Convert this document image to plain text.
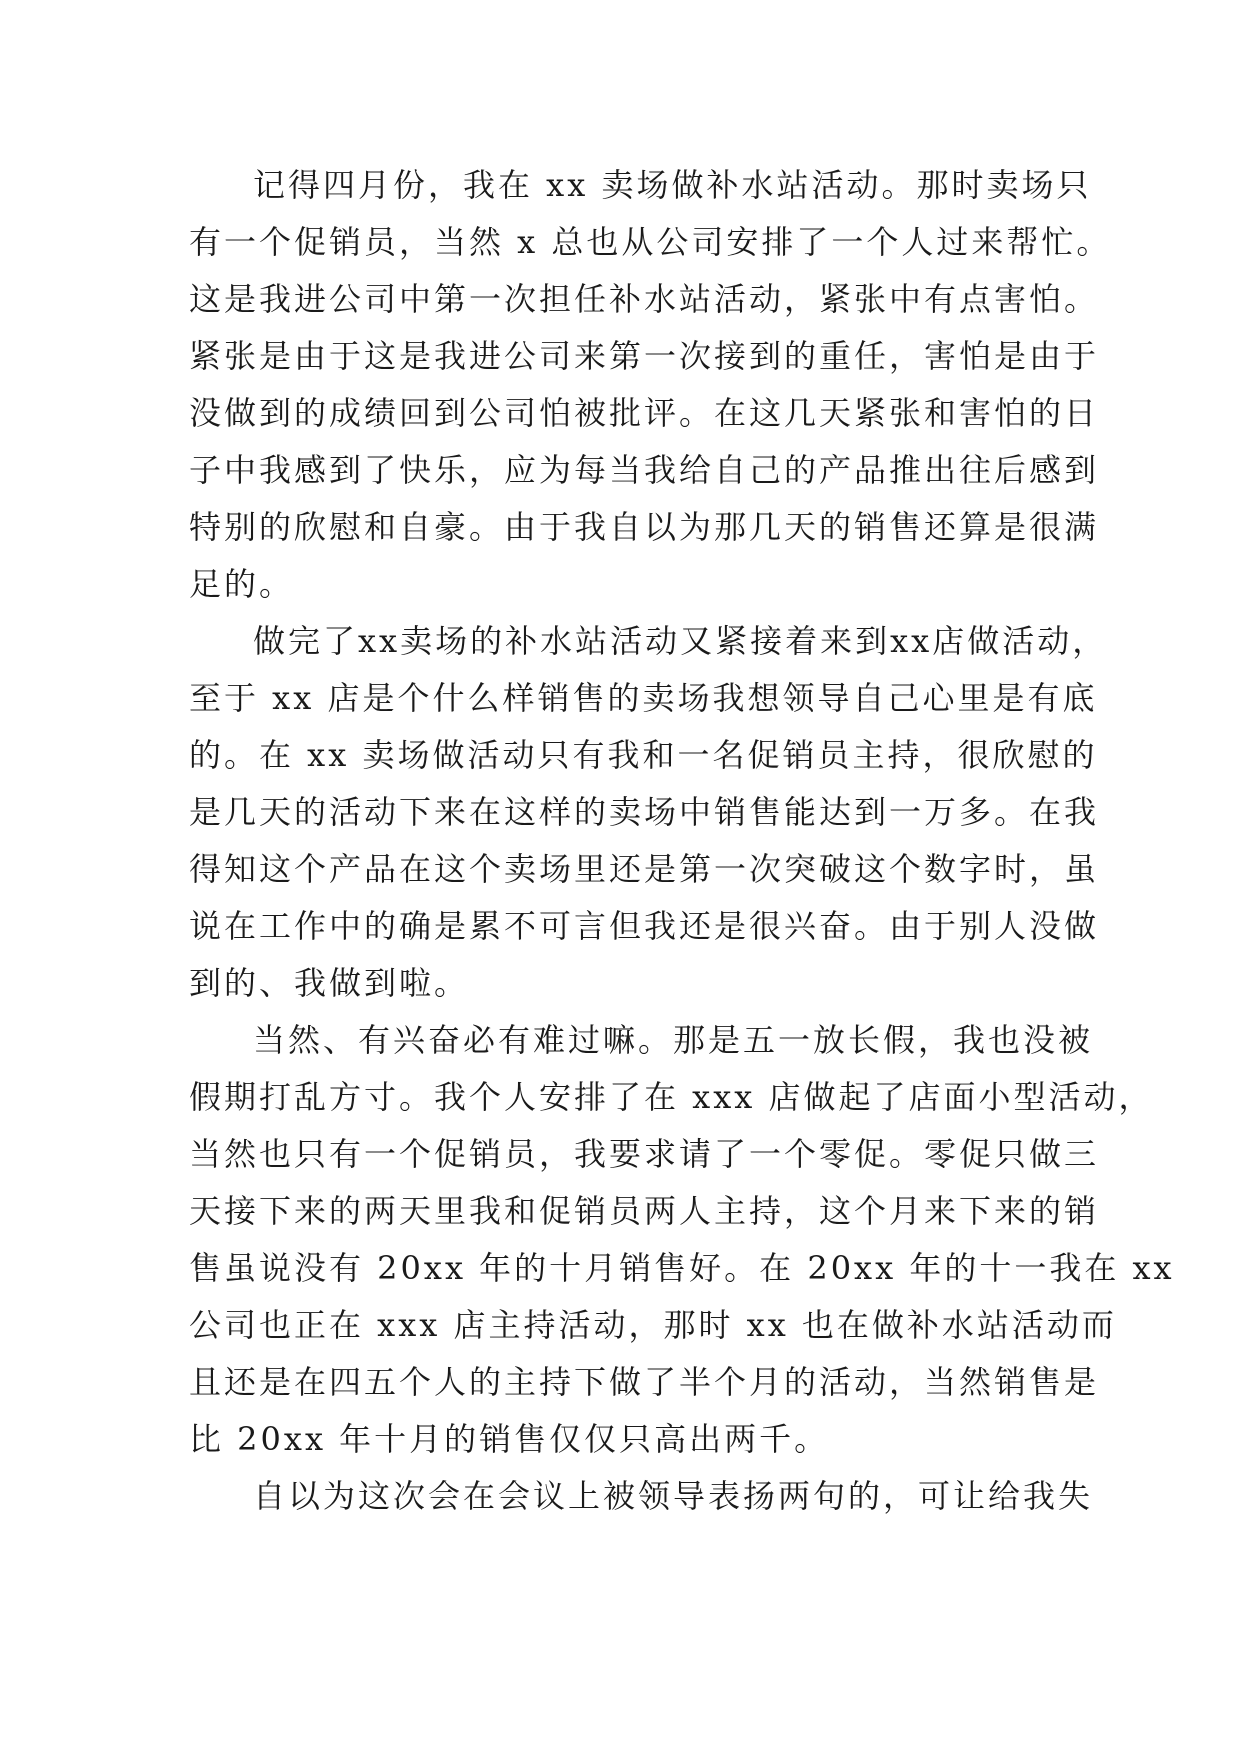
记得四月份，我在 xx 卖场做补水站活动。那时卖场只
有一个促销员，当然 x 总也从公司安排了一个人过来帮忙。
这是我进公司中第一次担任补水站活动，紧张中有点害怕。
紧张是由于这是我进公司来第一次接到的重任，害怕是由于
没做到的成绩回到公司怕被批评。在这几天紧张和害怕的日
子中我感到了快乐，应为每当我给自己的产品推出往后感到
特别的欣慰和自豪。由于我自以为那几天的销售还算是很满
足的。
做完了xx卖场的补水站活动又紧接着来到xx店做活动，
至于 xx 店是个什么样销售的卖场我想领导自己心里是有底
的。在 xx 卖场做活动只有我和一名促销员主持，很欣慰的
是几天的活动下来在这样的卖场中销售能达到一万多。在我
得知这个产品在这个卖场里还是第一次突破这个数字时，虽
说在工作中的确是累不可言但我还是很兴奋。由于别人没做
到的、我做到啦。
当然、有兴奋必有难过嘛。那是五一放长假，我也没被
假期打乱方寸。我个人安排了在 xxx 店做起了店面小型活动，
当然也只有一个促销员，我要求请了一个零促。零促只做三
天接下来的两天里我和促销员两人主持，这个月来下来的销
售虽说没有 20xx 年的十月销售好。在 20xx 年的十一我在 xx
公司也正在 xxx 店主持活动，那时 xx 也在做补水站活动而
且还是在四五个人的主持下做了半个月的活动，当然销售是
比 20xx 年十月的销售仅仅只高出两千。
自以为这次会在会议上被领导表扬两句的，可让给我失
